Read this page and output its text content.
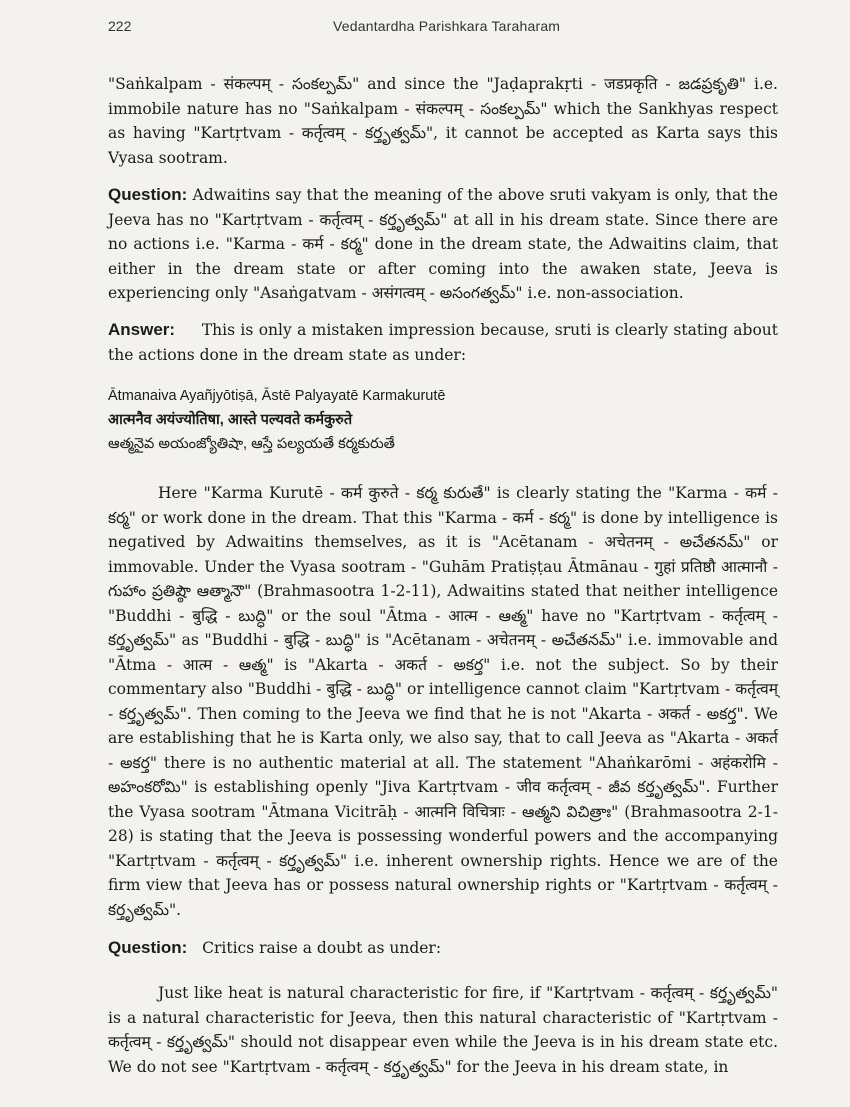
222	Vedantardha Parishkara Taraharam
"Saṅkalpam - संकल्पम् - సంకల్పమ్" and since the "Jaḍaprakṛti - जडप्रकृति - జడప్రకృతి" i.e. immobile nature has no "Saṅkalpam - संकल्पम् - సంకల్పమ్" which the Sankhyas respect as having "Kartṛtvam - कर्तृत्वम् - కర్తృత్వమ్", it cannot be accepted as Karta says this Vyasa sootram.
Question: Adwaitins say that the meaning of the above sruti vakyam is only, that the Jeeva has no "Kartṛtvam - कर्तृत्वम् - కర్తృత్వమ్" at all in his dream state. Since there are no actions i.e. "Karma - कर्म - కర్మ" done in the dream state, the Adwaitins claim, that either in the dream state or after coming into the awaken state, Jeeva is experiencing only "Asaṅgatvam - असंगत्वम् - అసంగత్వమ్" i.e. non-association.
Answer: This is only a mistaken impression because, sruti is clearly stating about the actions done in the dream state as under:
Ātmanaiva Ayañjyōtiṣā, Āstē Palyayatē Karmakurutē
आत्मनैव अयंज्योतिषा, आस्ते पल्यवते कर्मकुरुते
ఆత్మనైవ అయంజ్యోతిషా, ఆస్తే పల్యయతే కర్మకురుతే
Here "Karma Kurutē - कर्म कुरुते - కర్మ కురుతే" is clearly stating the "Karma - कर्म - కర్మ" or work done in the dream. That this "Karma - कर्म - కర్మ" is done by intelligence is negatived by Adwaitins themselves, as it is "Acētanam - अचेतनम् - అచేతనమ్" or immovable. Under the Vyasa sootram - "Guhām Pratiṣṭau Ātmānau - गुहां प्रतिष्ठौ आत्मानौ - గుహాం ప్రతిష్ఠౌ ఆత్మానౌ" (Brahmasootra 1-2-11), Adwaitins stated that neither intelligence "Buddhi - बुद्धि - బుద్ధి" or the soul "Ātma - आत्म - ఆత్మ" have no "Kartṛtvam - कर्तृत्वम् - కర్తృత్వమ్" as "Buddhi - बुद्धि - బుద్ధి" is "Acētanam - अचेतनम् - అచేతనమ్" i.e. immovable and "Ātma - आत्म - ఆత్మ" is "Akarta - अकर्त - అకర్త" i.e. not the subject. So by their commentary also "Buddhi - बुद्धि - బుద్ధి" or intelligence cannot claim "Kartṛtvam - कर्तृत्वम् - కర్తృత్వమ్". Then coming to the Jeeva we find that he is not "Akarta - अकर्त - అకర్త". We are establishing that he is Karta only, we also say, that to call Jeeva as "Akarta - अकर्त - అకర్త" there is no authentic material at all. The statement "Ahaṅkarōmi - अहंकरोमि - అహంకరోమి" is establishing openly "Jiva Kartṛtvam - जीव कर्तृत्वम् - జీవ కర్తృత్వమ్". Further the Vyasa sootram "Ātmana Vicitrāḥ - आत्मनि विचित्राः - ఆత్మని విచిత్రాః" (Brahmasootra 2-1-28) is stating that the Jeeva is possessing wonderful powers and the accompanying "Kartṛtvam - कर्तृत्वम् - కర్తృత్వమ్" i.e. inherent ownership rights. Hence we are of the firm view that Jeeva has or possess natural ownership rights or "Kartṛtvam - कर्तृत्वम् - కర్తృత్వమ్".
Question: Critics raise a doubt as under:
Just like heat is natural characteristic for fire, if "Kartṛtvam - कर्तृत्वम् - కర్తృత్వమ్" is a natural characteristic for Jeeva, then this natural characteristic of "Kartṛtvam - कर्तृत्वम् - కర్తృత్వమ్" should not disappear even while the Jeeva is in his dream state etc. We do not see "Kartṛtvam - कर्तृत्वम् - కర్తృత్వమ్" for the Jeeva in his dream state, in
